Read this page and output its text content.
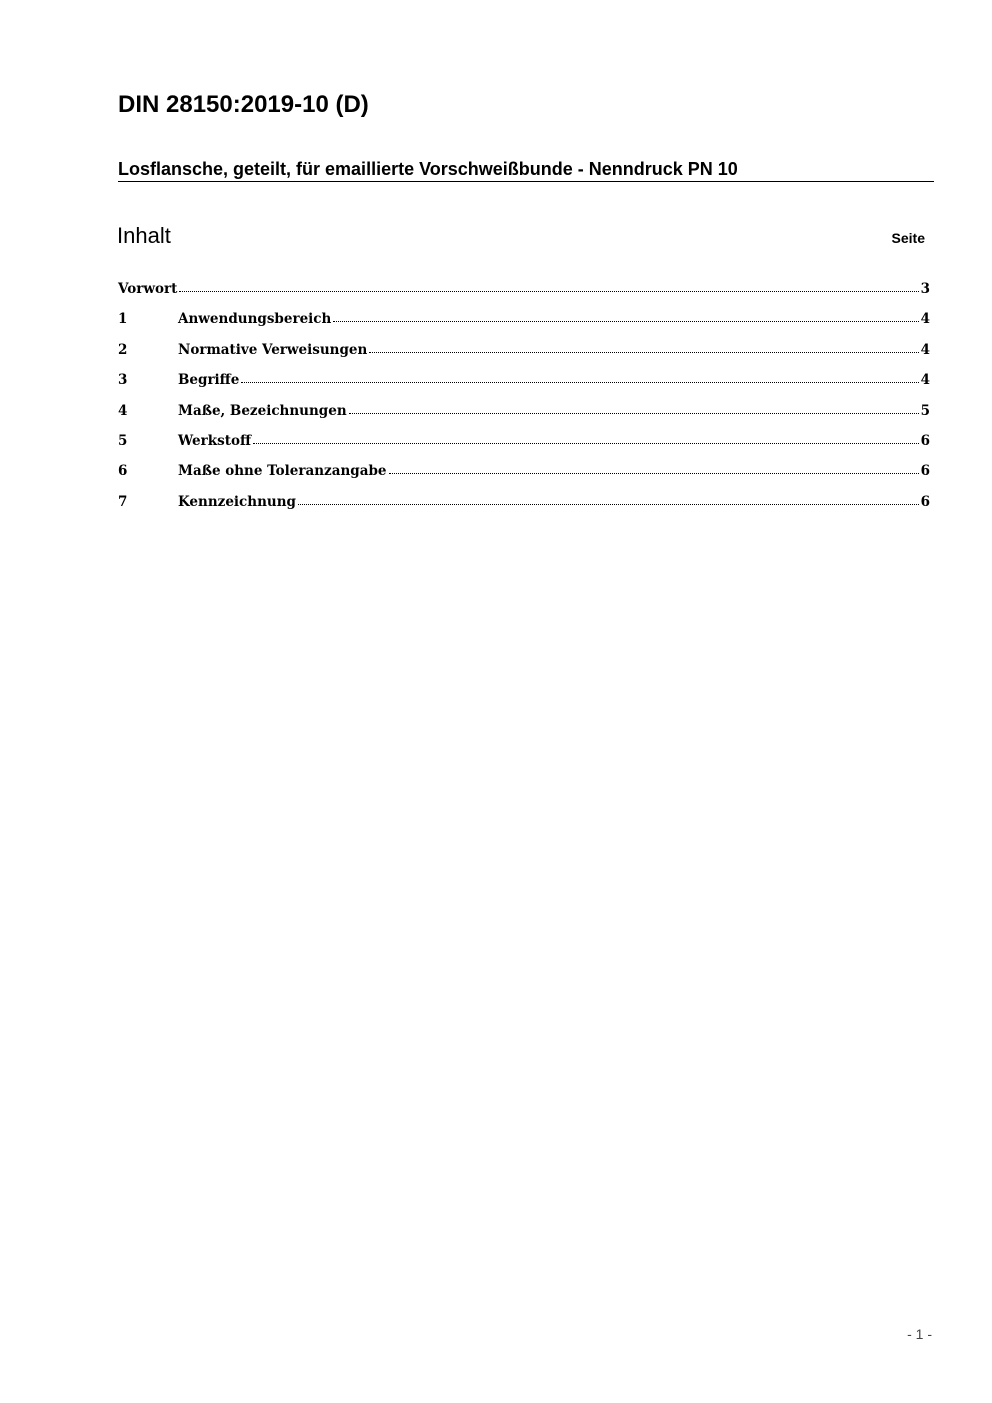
DIN 28150:2019-10 (D)
Losflansche, geteilt, für emaillierte Vorschweißbunde - Nenndruck PN 10
Inhalt	Seite
Vorwort	3
1	Anwendungsbereich	4
2	Normative Verweisungen	4
3	Begriffe	4
4	Maße, Bezeichnungen	5
5	Werkstoff	6
6	Maße ohne Toleranzangabe	6
7	Kennzeichnung	6
- 1 -
